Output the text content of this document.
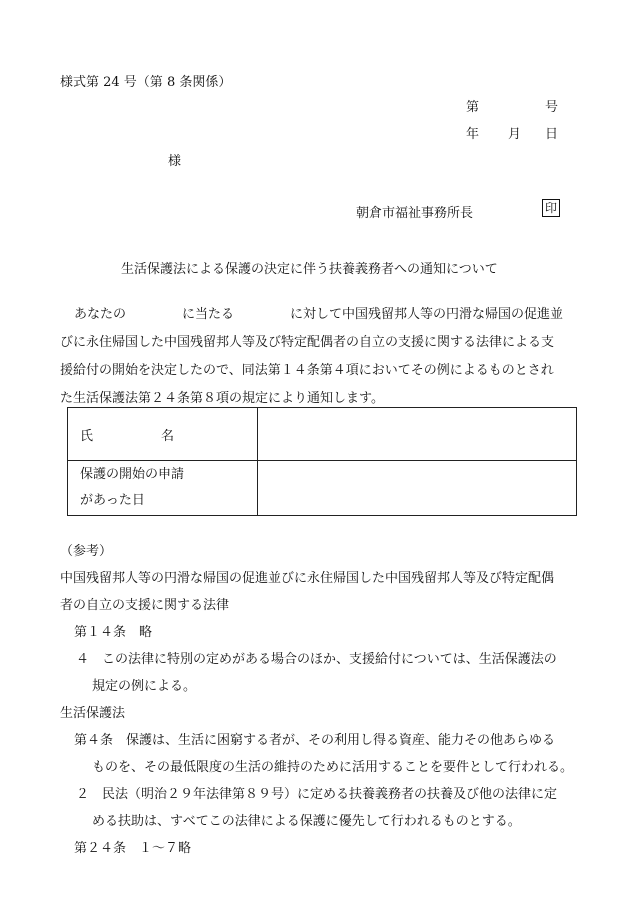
様式第 24 号（第 8 条関係）
第	号
年 月 日
様
朝倉市福祉事務所長	印
生活保護法による保護の決定に伴う扶養義務者への通知について
あなたの	に当たる	に対して中国残留邦人等の円滑な帰国の促進並
びに永住帰国した中国残留邦人等及び特定配偶者の自立の支援に関する法律による支
援給付の開始を決定したので、同法第１４条第４項においてその例によるものとされ
た生活保護法第２４条第８項の規定により通知します。
氏 名	

保護の開始の申請
があった日	

（参考）
中国残留邦人等の円滑な帰国の促進並びに永住帰国した中国残留邦人等及び特定配偶
者の自立の支援に関する法律
第１４条　略
４　この法律に特別の定めがある場合のほか、支援給付については、生活保護法の
規定の例による。
生活保護法
第４条　保護は、生活に困窮する者が、その利用し得る資産、能力その他あらゆる
ものを、その最低限度の生活の維持のために活用することを要件として行われる。
２　民法（明治２９年法律第８９号）に定める扶養義務者の扶養及び他の法律に定
める扶助は、すべてこの法律による保護に優先して行われるものとする。
第２４条　１～７略
